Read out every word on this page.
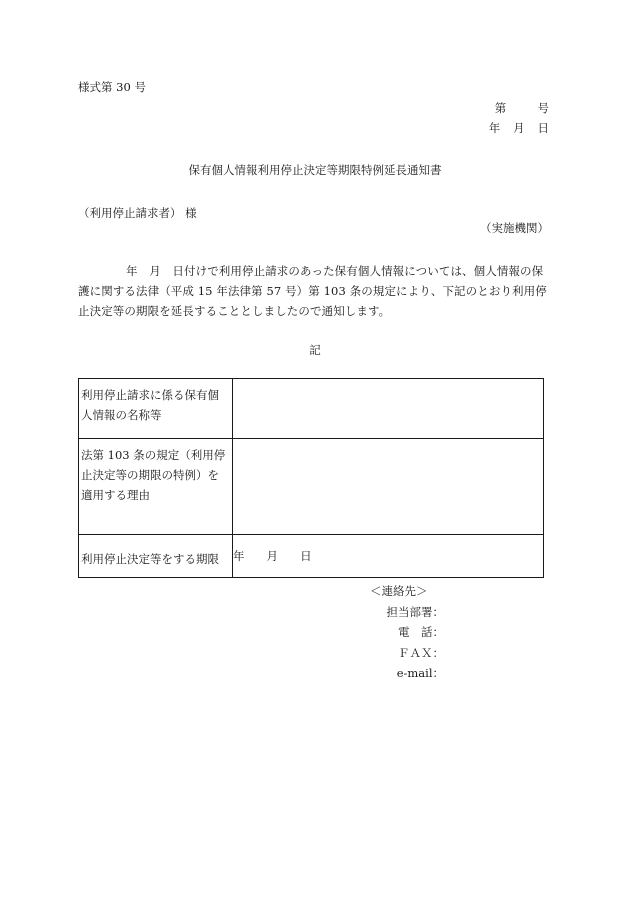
様式第 30 号
第 号
年 月 日
保有個人情報利用停止決定等期限特例延長通知書
（利用停止請求者） 様
（実施機関）
年　月　日付けで利用停止請求のあった保有個人情報については、個人情報の保護に関する法律（平成 15 年法律第 57 号）第 103 条の規定により、下記のとおり利用停止決定等の期限を延長することとしましたので通知します。
記
利用停止請求に係る保有個人情報の名称等	
法第 103 条の規定（利用停止決定等の期限の特例）を適用する理由	
利用停止決定等をする期限	年 月 日
＜連絡先＞
担当部署：
電　話：
ＦＡＸ：
e-mail：
